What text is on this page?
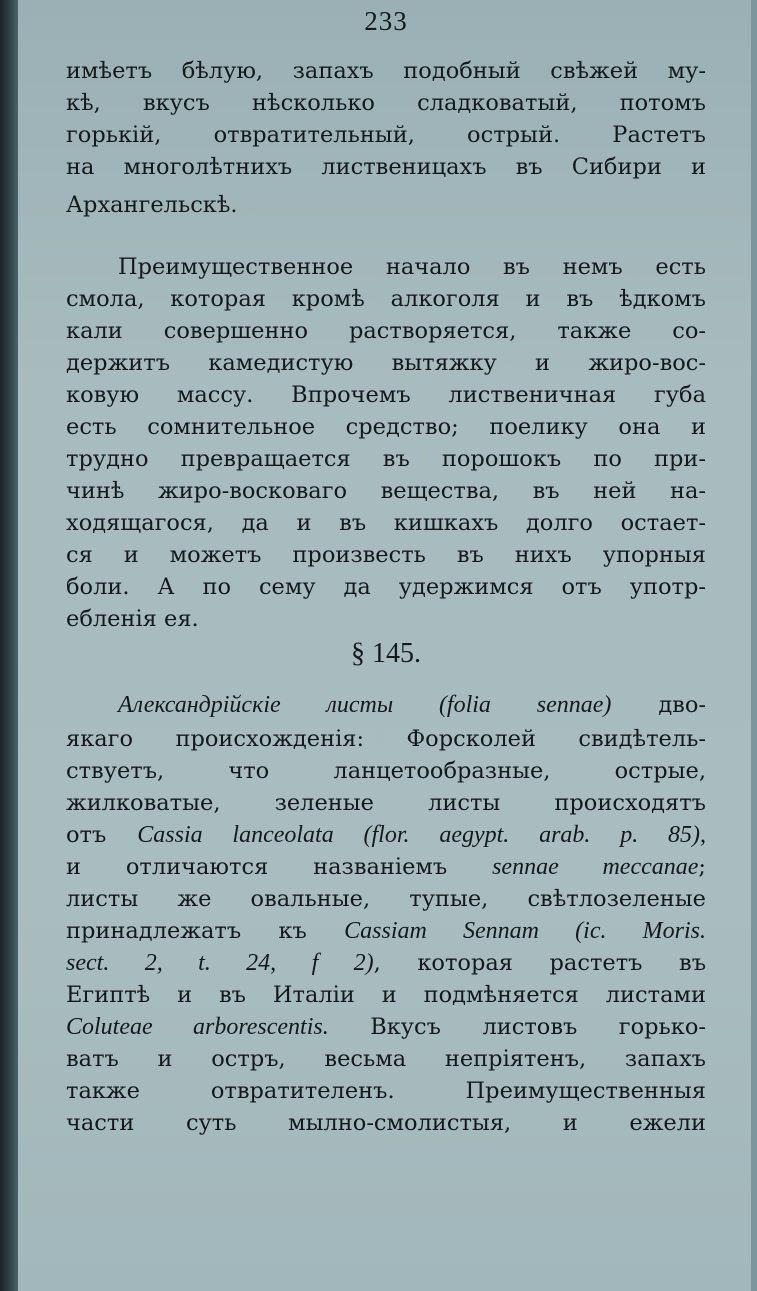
233
имѣетъ бѣлую, запахъ подобный свѣжей му-
кѣ, вкусъ нѣсколько сладковатый, потомъ
горькій, отвратительный, острый. Растетъ
на многолѣтнихъ лиственицахъ въ Сибири и
Архангельскѣ.
Преимущественное начало въ немъ есть
смола, которая кромѣ алкоголя и въ ѣдкомъ
кали совершенно растворяется, также со-
держитъ камедистую вытяжку и жиро-вос-
ковую массу. Впрочемъ лиственичная губа
есть сомнительное средство; поелику она и
трудно превращается въ порошокъ по при-
чинѣ жиро-восковаго вещества, въ ней на-
ходящагося, да и въ кишкахъ долго остает-
ся и можетъ произвесть въ нихъ упорныя
боли. А по сему да удержимся отъ употр-
ебленія ея.
§ 145.
Александрійскіе листы (folia sennae) дво-
якаго происхожденія: Форсколей свидѣтель-
ствуетъ, что ланцетообразные, острые,
жилковатые, зеленые листы происходятъ
отъ Cassia lanceolata (flor. aegypt. arab. p. 85),
и отличаются названіемъ sennae meccanae;
листы же овальные, тупые, свѣтлозеленые
принадлежатъ къ Cassiam Sennam (ic. Moris.
sect. 2, t. 24, f 2), которая растетъ въ
Египтѣ и въ Италіи и подмѣняется листами
Coluteae arborescentis. Вкусъ листовъ горько-
ватъ и остръ, весьма непріятенъ, запахъ
также отвратителенъ. Преимущественныя
части суть мылно-смолистыя, и ежели
